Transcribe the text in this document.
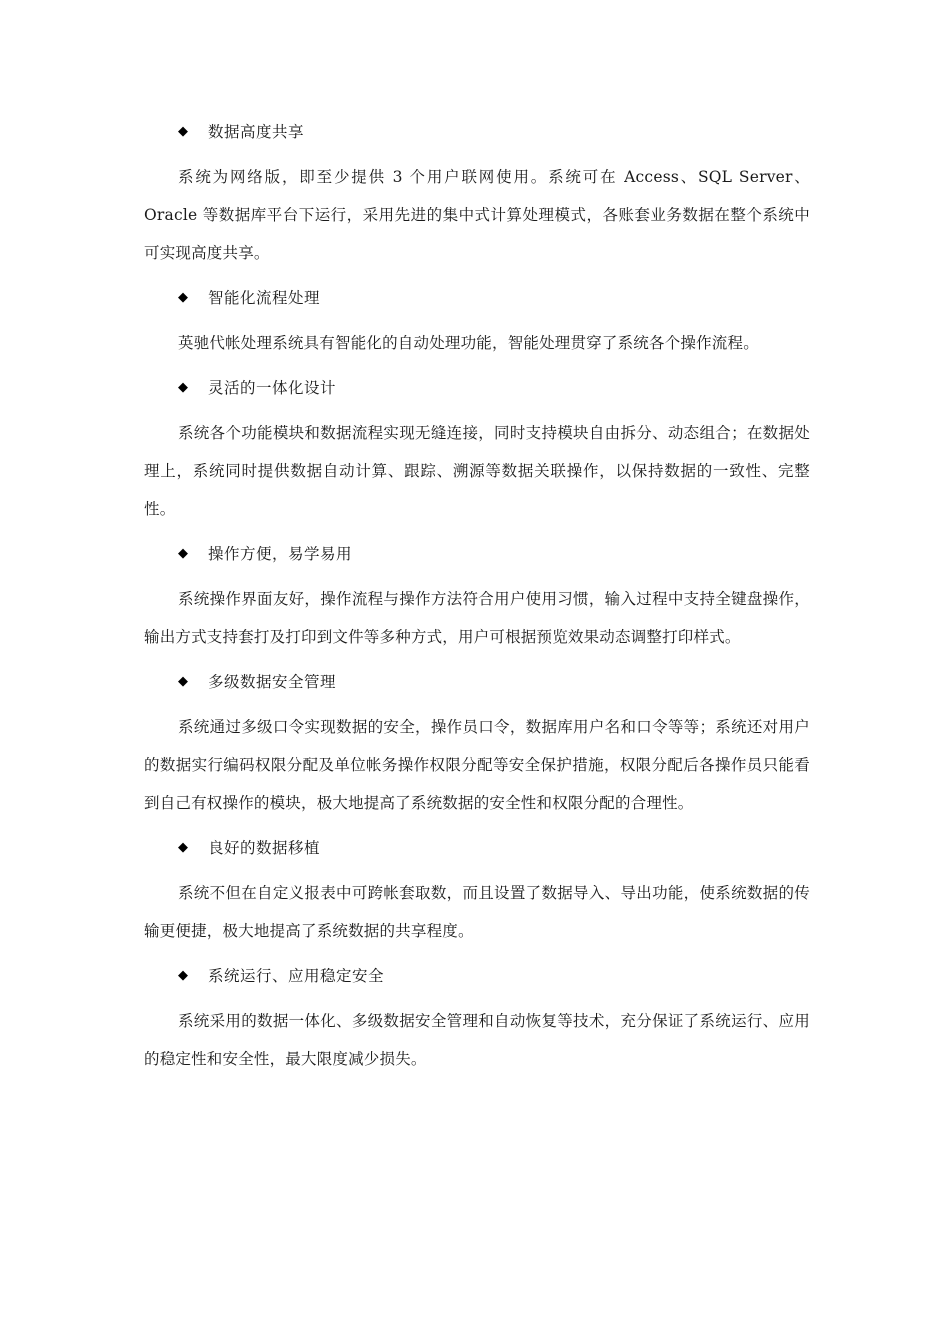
◆	数据高度共享

系统为网络版，即至少提供 3 个用户联网使用。系统可在 Access、SQL Server、Oracle 等数据库平台下运行，采用先进的集中式计算处理模式，各账套业务数据在整个系统中可实现高度共享。

◆	智能化流程处理

英驰代帐处理系统具有智能化的自动处理功能，智能处理贯穿了系统各个操作流程。

◆	灵活的一体化设计

系统各个功能模块和数据流程实现无缝连接，同时支持模块自由拆分、动态组合；在数据处理上，系统同时提供数据自动计算、跟踪、溯源等数据关联操作，以保持数据的一致性、完整性。

◆	操作方便，易学易用

系统操作界面友好，操作流程与操作方法符合用户使用习惯，输入过程中支持全键盘操作，输出方式支持套打及打印到文件等多种方式，用户可根据预览效果动态调整打印样式。

◆	多级数据安全管理

系统通过多级口令实现数据的安全，操作员口令，数据库用户名和口令等等；系统还对用户的数据实行编码权限分配及单位帐务操作权限分配等安全保护措施，权限分配后各操作员只能看到自己有权操作的模块，极大地提高了系统数据的安全性和权限分配的合理性。

◆	良好的数据移植

系统不但在自定义报表中可跨帐套取数，而且设置了数据导入、导出功能，使系统数据的传输更便捷，极大地提高了系统数据的共享程度。

◆	系统运行、应用稳定安全

系统采用的数据一体化、多级数据安全管理和自动恢复等技术，充分保证了系统运行、应用的稳定性和安全性，最大限度减少损失。
